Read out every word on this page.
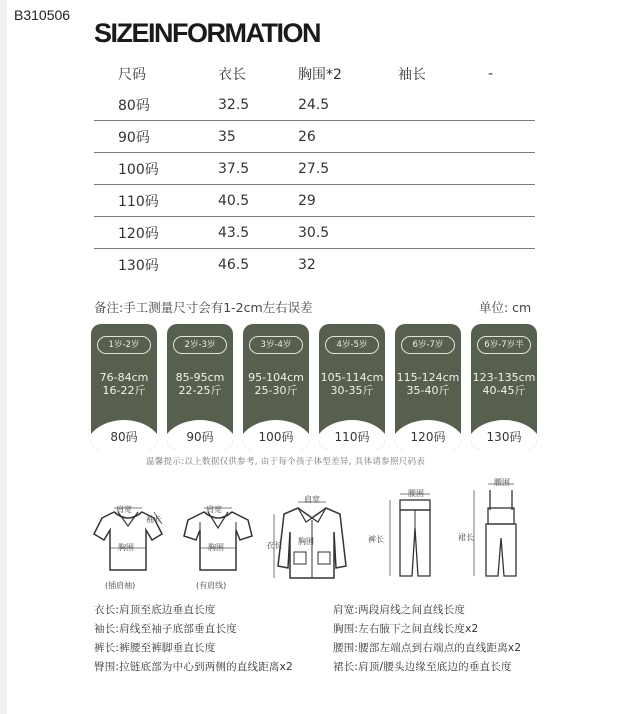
B310506
SIZEINFORMATION
尺码	衣长	胸围*2	袖长	-
80码	32.5	24.5		
90码	35	26		
100码	37.5	27.5		
110码	40.5	29		
120码	43.5	30.5		
130码	46.5	32		
备注:手工测量尺寸会有1-2cm左右误差	单位: cm
1岁-2岁
76-84cm
16-22斤
80码
2岁-3岁
85-95cm
22-25斤
90码
3岁-4岁
95-104cm
25-30斤
100码
4岁-5岁
105-114cm
30-35斤
110码
6岁-7岁
115-124cm
35-40斤
120码
6岁-7岁半
123-135cm
40-45斤
130码
温馨提示:以上数据仅供参考, 由于每个孩子体型差异, 具体请参照尺码表
肩宽
袖长
胸围
(插肩袖)
肩宽
胸围
(有肩线)
肩宽
衣长 胸围
腰围
裤长
腰围
裙长
衣长:肩顶至底边垂直长度
袖长:肩线至袖子底部垂直长度
裤长:裤腰至裤脚垂直长度
臀围:拉链底部为中心到两侧的直线距离x2
肩宽:两段肩线之间直线长度
胸围:左右腋下之间直线长度x2
腰围:腰部左端点到右端点的直线距离x2
裙长:肩顶/腰头边缘至底边的垂直长度
